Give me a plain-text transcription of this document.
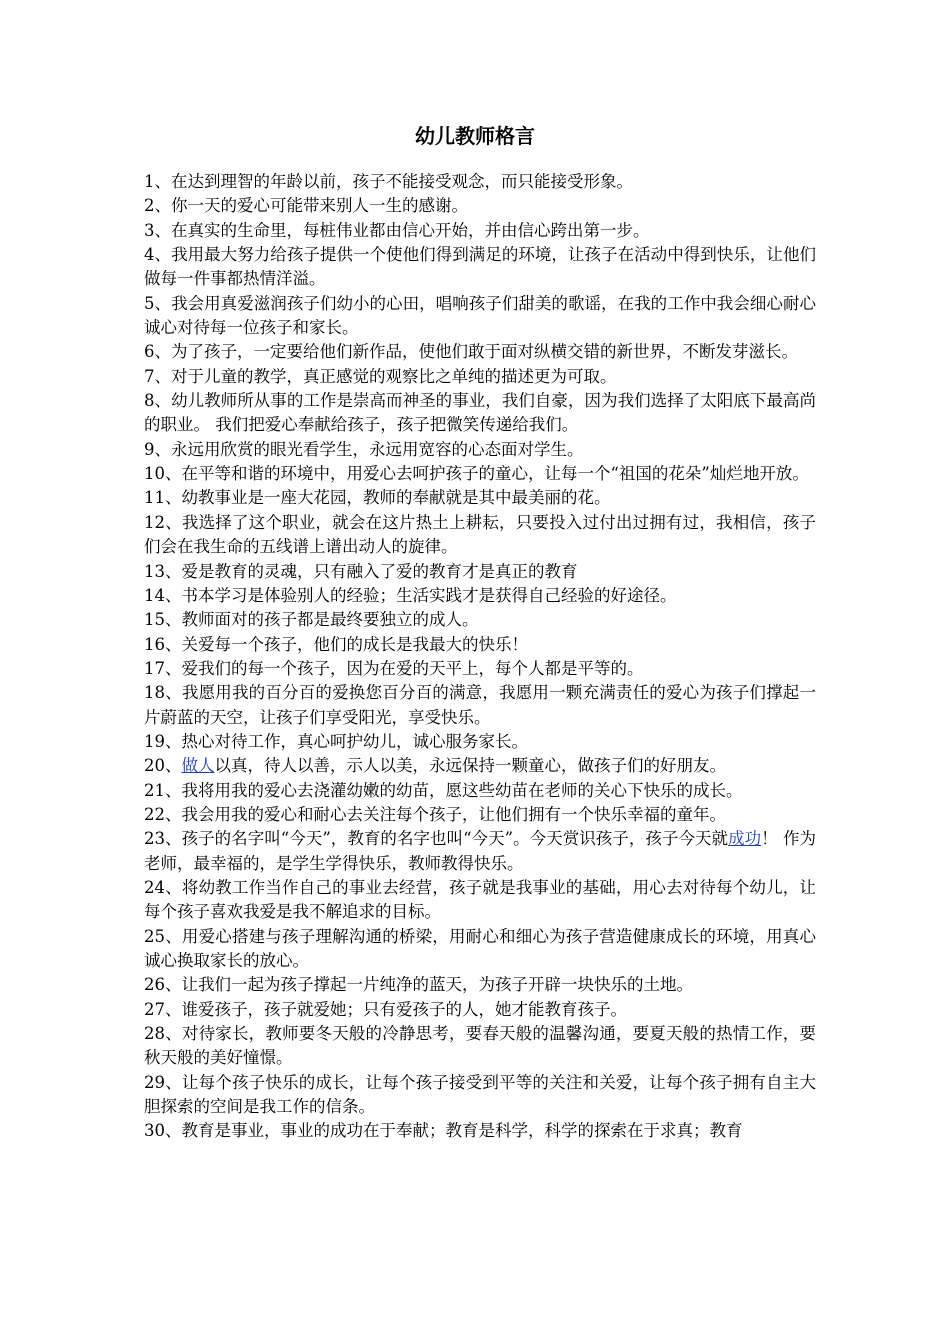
幼儿教师格言

1、在达到理智的年龄以前，孩子不能接受观念，而只能接受形象。

2、你一天的爱心可能带来别人一生的感谢。

3、在真实的生命里，每桩伟业都由信心开始，并由信心跨出第一步。

4、我用最大努力给孩子提供一个使他们得到满足的环境，让孩子在活动中得到快乐，让他们做每一件事都热情洋溢。

5、我会用真爱滋润孩子们幼小的心田，唱响孩子们甜美的歌谣，在我的工作中我会细心耐心诚心对待每一位孩子和家长。

6、为了孩子，一定要给他们新作品，使他们敢于面对纵横交错的新世界，不断发芽滋长。

7、对于儿童的教学，真正感觉的观察比之单纯的描述更为可取。

8、幼儿教师所从事的工作是崇高而神圣的事业，我们自豪，因为我们选择了太阳底下最高尚的职业。 我们把爱心奉献给孩子，孩子把微笑传递给我们。

9、永远用欣赏的眼光看学生，永远用宽容的心态面对学生。

10、在平等和谐的环境中，用爱心去呵护孩子的童心，让每一个“祖国的花朵”灿烂地开放。

11、幼教事业是一座大花园，教师的奉献就是其中最美丽的花。

12、我选择了这个职业，就会在这片热土上耕耘，只要投入过付出过拥有过，我相信，孩子们会在我生命的五线谱上谱出动人的旋律。

13、爱是教育的灵魂，只有融入了爱的教育才是真正的教育

14、书本学习是体验别人的经验；生活实践才是获得自己经验的好途径。

15、教师面对的孩子都是最终要独立的成人。

16、关爱每一个孩子，他们的成长是我最大的快乐！

17、爱我们的每一个孩子，因为在爱的天平上，每个人都是平等的。

18、我愿用我的百分百的爱换您百分百的满意，我愿用一颗充满责任的爱心为孩子们撑起一片蔚蓝的天空，让孩子们享受阳光，享受快乐。

19、热心对待工作，真心呵护幼儿，诚心服务家长。

20、做人以真，待人以善，示人以美，永远保持一颗童心，做孩子们的好朋友。

21、我将用我的爱心去浇灌幼嫩的幼苗，愿这些幼苗在老师的关心下快乐的成长。

22、我会用我的爱心和耐心去关注每个孩子，让他们拥有一个快乐幸福的童年。

23、孩子的名字叫“今天”，教育的名字也叫“今天”。今天赏识孩子，孩子今天就成功！ 作为老师，最幸福的，是学生学得快乐，教师教得快乐。

24、将幼教工作当作自己的事业去经营，孩子就是我事业的基础，用心去对待每个幼儿，让每个孩子喜欢我爱是我不解追求的目标。

25、用爱心搭建与孩子理解沟通的桥梁，用耐心和细心为孩子营造健康成长的环境，用真心诚心换取家长的放心。

26、让我们一起为孩子撑起一片纯净的蓝天，为孩子开辟一块快乐的土地。

27、谁爱孩子，孩子就爱她；只有爱孩子的人，她才能教育孩子。

28、对待家长，教师要冬天般的冷静思考，要春天般的温馨沟通，要夏天般的热情工作，要秋天般的美好憧憬。

29、让每个孩子快乐的成长，让每个孩子接受到平等的关注和关爱，让每个孩子拥有自主大胆探索的空间是我工作的信条。

30、教育是事业，事业的成功在于奉献；教育是科学，科学的探索在于求真；教育
